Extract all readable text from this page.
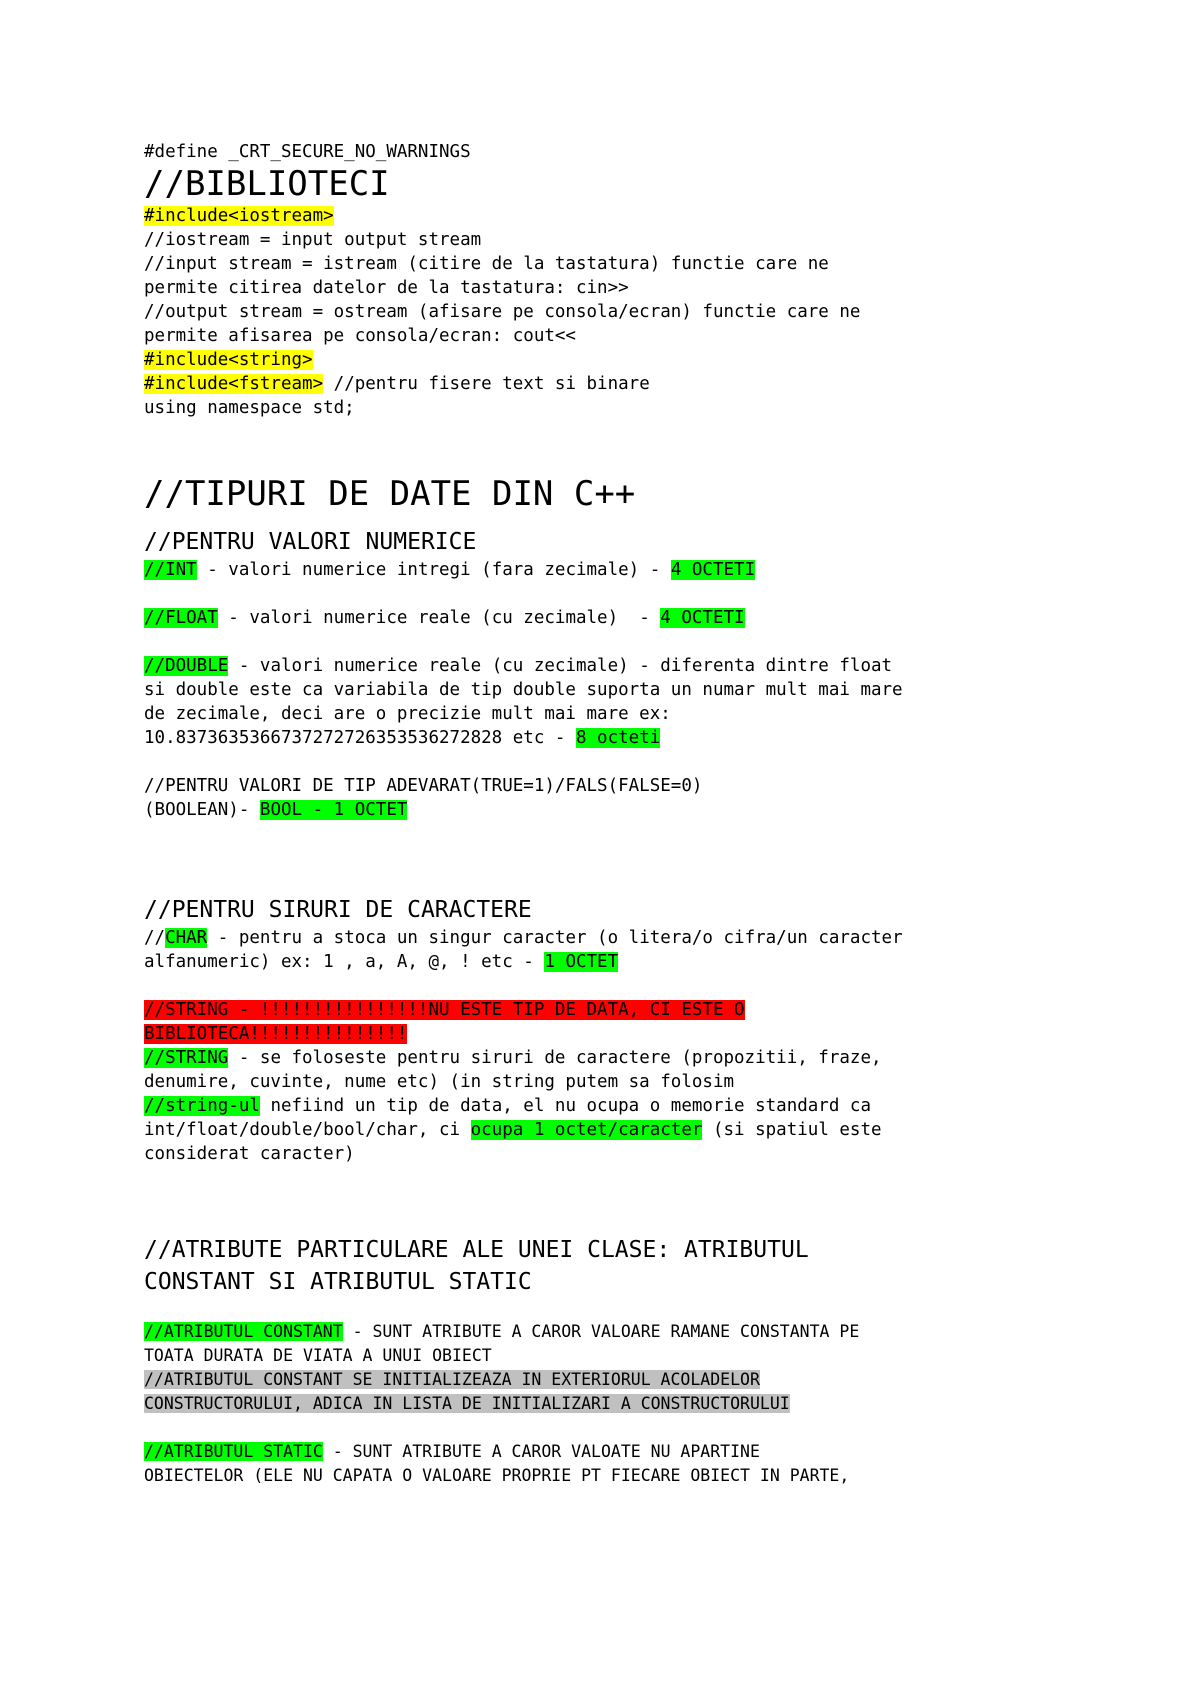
#define _CRT_SECURE_NO_WARNINGS
//BIBLIOTECI
#include<iostream>
//iostream = input output stream
//input stream = istream (citire de la tastatura) functie care ne
permite citirea datelor de la tastatura: cin>>
//output stream = ostream (afisare pe consola/ecran) functie care ne
permite afisarea pe consola/ecran: cout<<
#include<string>
#include<fstream> //pentru fisere text si binare
using namespace std;
//TIPURI DE DATE DIN C++
//PENTRU VALORI NUMERICE
//INT - valori numerice intregi (fara zecimale) - 4 OCTETI
//FLOAT - valori numerice reale (cu zecimale)  - 4 OCTETI
//DOUBLE - valori numerice reale (cu zecimale) - diferenta dintre float
si double este ca variabila de tip double suporta un numar mult mai mare
de zecimale, deci are o precizie mult mai mare ex:
10.837363536673727272635353627282​8 etc - 8 octeti
//PENTRU VALORI DE TIP ADEVARAT(TRUE=1)/FALS(FALSE=0)
(BOOLEAN)- BOOL - 1 OCTET
//PENTRU SIRURI DE CARACTERE
//CHAR - pentru a stoca un singur caracter (o litera/o cifra/un caracter
alfanumeric) ex: 1 , a, A, @, ! etc - 1 OCTET
//STRING - !!!!!!!!!!!!!!!!NU ESTE TIP DE DATA, CI ESTE O
BIBLIOTECA!!!!!!!!!!!!!!!
//STRING - se foloseste pentru siruri de caractere (propozitii, fraze,
denumire, cuvinte, nume etc) (in string putem sa folosim
//string-ul nefiind un tip de data, el nu ocupa o memorie standard ca
int/float/double/bool/char, ci ocupa 1 octet/caracter (si spatiul este
considerat caracter)
//ATRIBUTE PARTICULARE ALE UNEI CLASE: ATRIBUTUL
CONSTANT SI ATRIBUTUL STATIC
//ATRIBUTUL CONSTANT - SUNT ATRIBUTE A CAROR VALOARE RAMANE CONSTANTA PE
TOATA DURATA DE VIATA A UNUI OBIECT
//ATRIBUTUL CONSTANT SE INITIALIZEAZA IN EXTERIORUL ACOLADELOR
CONSTRUCTORULUI, ADICA IN LISTA DE INITIALIZARI A CONSTRUCTORULUI
//ATRIBUTUL STATIC - SUNT ATRIBUTE A CAROR VALOATE NU APARTINE
OBIECTELOR (ELE NU CAPATA O VALOARE PROPRIE PT FIECARE OBIECT IN PARTE,
